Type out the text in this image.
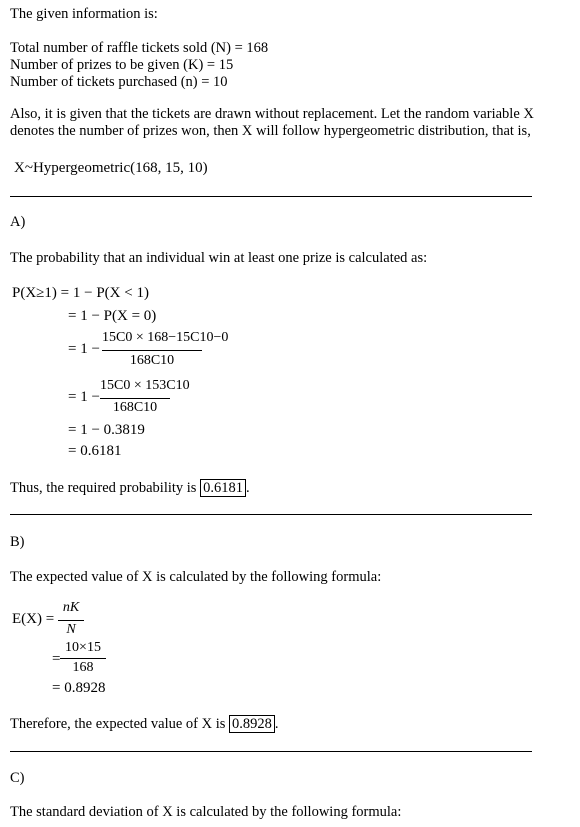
The given information is:
Total number of raffle tickets sold (N) = 168
Number of prizes to be given (K) = 15
Number of tickets purchased (n) = 10
Also, it is given that the tickets are drawn without replacement. Let the random variable X
denotes the number of prizes won, then X will follow hypergeometric distribution, that is,
X~Hypergeometric(168, 15, 10)
A)
The probability that an individual win at least one prize is calculated as:
P(X≥1) = 1 − P(X < 1)
= 1 − P(X = 0)
= 1 −
15C0 × 168−15C10−0
168C10
= 1 −
15C0 × 153C10
168C10
= 1 − 0.3819
= 0.6181
Thus, the required probability is 0.6181 .
B)
The expected value of X is calculated by the following formula:
E(X) =
nK
N
=
10×15
168
= 0.8928
Therefore, the expected value of X is 0.8928 .
C)
The standard deviation of X is calculated by the following formula:
